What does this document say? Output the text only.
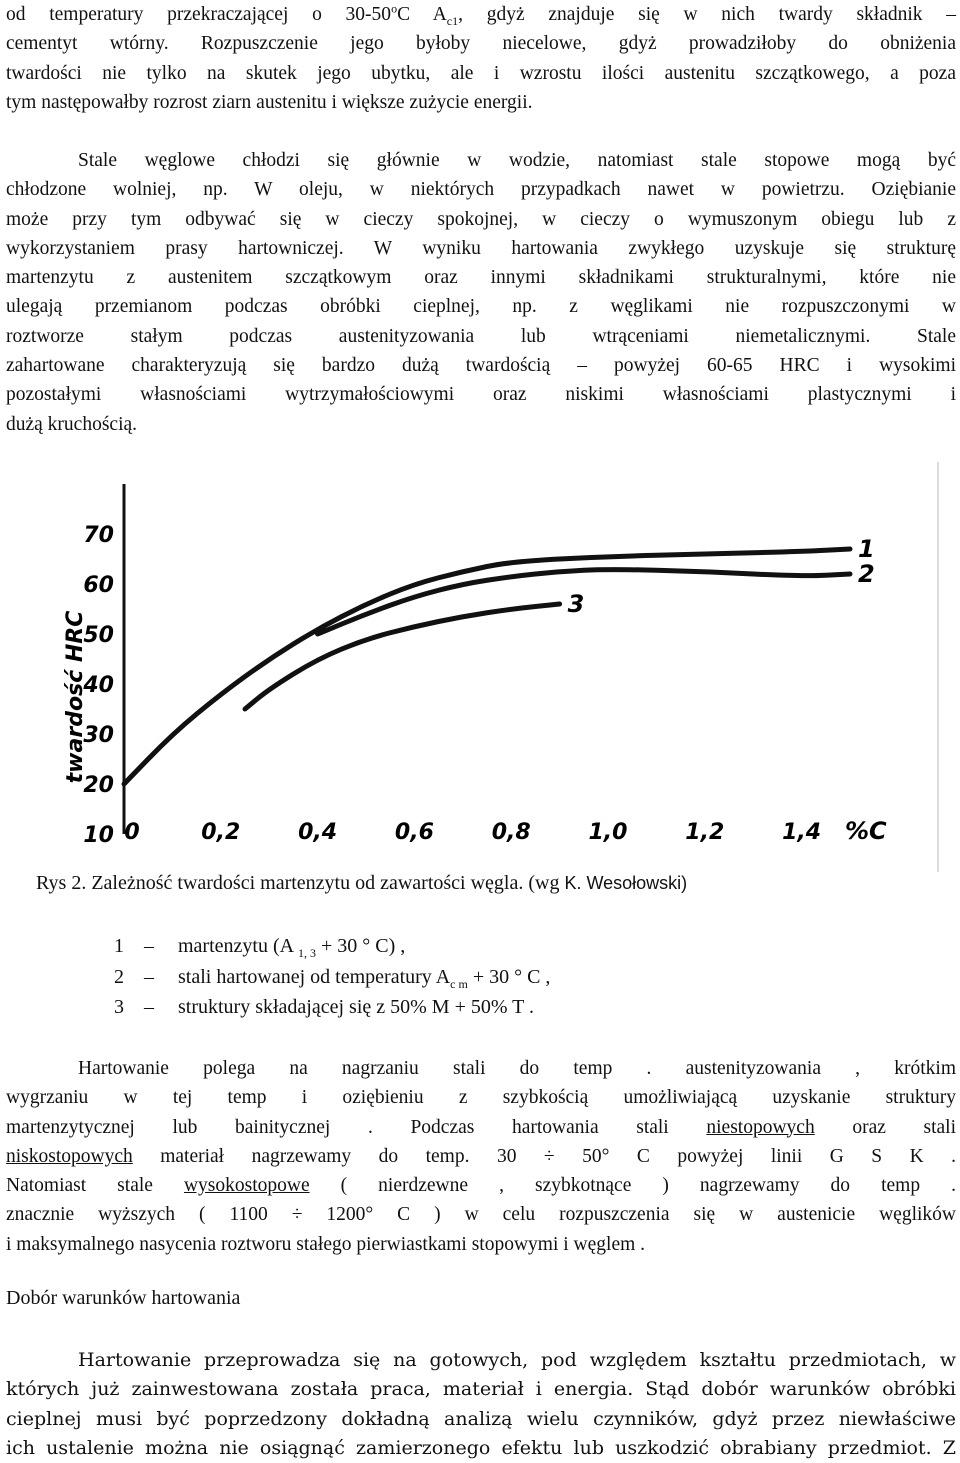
od temperatury przekraczającej o 30-50$^o$C $A_{c1}$, gdyż znajduje się w nich twardy składnik –
cementyt wtórny. Rozpuszczenie jego byłoby niecelowe, gdyż prowadziłoby do obniżenia
twardości nie tylko na skutek jego ubytku, ale i wzrostu ilości austenitu szczątkowego, a poza
tym następowałby rozrost ziarn austenitu i większe zużycie energii.
Stale węglowe chłodzi się głównie w wodzie, natomiast stale stopowe mogą być
chłodzone wolniej, np. W oleju, w niektórych przypadkach nawet w powietrzu. Oziębianie
może przy tym odbywać się w cieczy spokojnej, w cieczy o wymuszonym obiegu lub z
wykorzystaniem prasy hartowniczej. W wyniku hartowania zwykłego uzyskuje się strukturę
martenzytu z austenitem szczątkowym oraz innymi składnikami strukturalnymi, które nie
ulegają przemianom podczas obróbki cieplnej, np. z węglikami nie rozpuszczonymi w
roztworze stałym podczas austenityzowania lub wtrąceniami niemetalicznymi. Stale
zahartowane charakteryzują się bardzo dużą twardością – powyżej 60-65 HRC i wysokimi
pozostałymi własnościami wytrzymałościowymi oraz niskimi własnościami plastycznymi i
dużą kruchością.
10
20
30
40
50
60
70
0	0,2	0,4	0,6	0,8	1,0	1,2	1,4
1
2
3
twardość HRC
%C
Rys 2. Zależność twardości martenzytu od zawartości węgla. (wg K. Wesołowski)
1 – martenzytu (A $_{1, 3}$ + 30 ° C) ,
2 – stali hartowanej od temperatury $A_{c m} + 30$ ° C ,
3 – struktury składającej się z 50% M + 50% T .
Hartowanie polega na nagrzaniu stali do temp . austenityzowania , krótkim
wygrzaniu w tej temp i oziębieniu z szybkością umożliwiającą uzyskanie struktury
martenzytycznej lub bainitycznej . Podczas hartowania stali niestopowych oraz stali
niskostopowych materiał nagrzewamy do temp. 30 ÷ 50° C powyżej linii G S K .
Natomiast stale wysokostopowe ( nierdzewne , szybkotnące ) nagrzewamy do temp .
znacznie wyższych ( 1100 ÷ 1200° C ) w celu rozpuszczenia się w austenicie węglików
i maksymalnego nasycenia roztworu stałego pierwiastkami stopowymi i węglem .
Dobór warunków hartowania
Hartowanie przeprowadza się na gotowych, pod względem kształtu przedmiotach, w
których już zainwestowana została praca, materiał i energia. Stąd dobór warunków obróbki
cieplnej musi być poprzedzony dokładną analizą wielu czynników, gdyż przez niewłaściwe
ich ustalenie można nie osiągnąć zamierzonego efektu lub uszkodzić obrabiany przedmiot. Z
